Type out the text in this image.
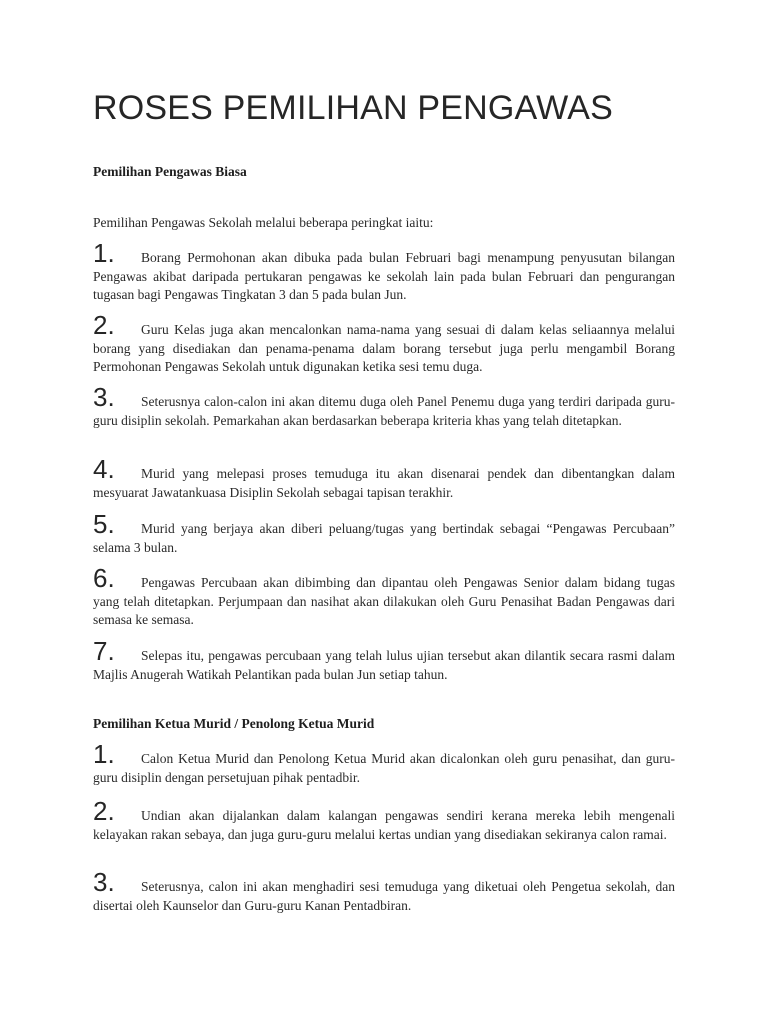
ROSES PEMILIHAN PENGAWAS

Pemilihan Pengawas Biasa

Pemilihan Pengawas Sekolah melalui beberapa peringkat iaitu:

1. Borang Permohonan akan dibuka pada bulan Februari bagi menampung penyusutan bilangan Pengawas akibat daripada pertukaran pengawas ke sekolah lain pada bulan Februari dan pengurangan tugasan bagi Pengawas Tingkatan 3 dan 5 pada bulan Jun.
2. Guru Kelas juga akan mencalonkan nama-nama yang sesuai di dalam kelas seliaannya melalui borang yang disediakan dan penama-penama dalam borang tersebut juga perlu mengambil Borang Permohonan Pengawas Sekolah untuk digunakan ketika sesi temu duga.
3. Seterusnya calon-calon ini akan ditemu duga oleh Panel Penemu duga yang terdiri daripada guru-guru disiplin sekolah. Pemarkahan akan berdasarkan beberapa kriteria khas yang telah ditetapkan.
4. Murid yang melepasi proses temuduga itu akan disenarai pendek dan dibentangkan dalam mesyuarat Jawatankuasa Disiplin Sekolah sebagai tapisan terakhir.
5. Murid yang berjaya akan diberi peluang/tugas yang bertindak sebagai “Pengawas Percubaan” selama 3 bulan.
6. Pengawas Percubaan akan dibimbing dan dipantau oleh Pengawas Senior dalam bidang tugas yang telah ditetapkan. Perjumpaan dan nasihat akan dilakukan oleh Guru Penasihat Badan Pengawas dari semasa ke semasa.
7. Selepas itu, pengawas percubaan yang telah lulus ujian tersebut akan dilantik secara rasmi dalam Majlis Anugerah Watikah Pelantikan pada bulan Jun setiap tahun.

Pemilihan Ketua Murid / Penolong Ketua Murid

1. Calon Ketua Murid dan Penolong Ketua Murid akan dicalonkan oleh guru penasihat, dan guru-guru disiplin dengan persetujuan pihak pentadbir.
2. Undian akan dijalankan dalam kalangan pengawas sendiri kerana mereka lebih mengenali kelayakan rakan sebaya, dan juga guru-guru melalui kertas undian yang disediakan sekiranya calon ramai.
3. Seterusnya, calon ini akan menghadiri sesi temuduga yang diketuai oleh Pengetua sekolah, dan disertai oleh Kaunselor dan Guru-guru Kanan Pentadbiran.
